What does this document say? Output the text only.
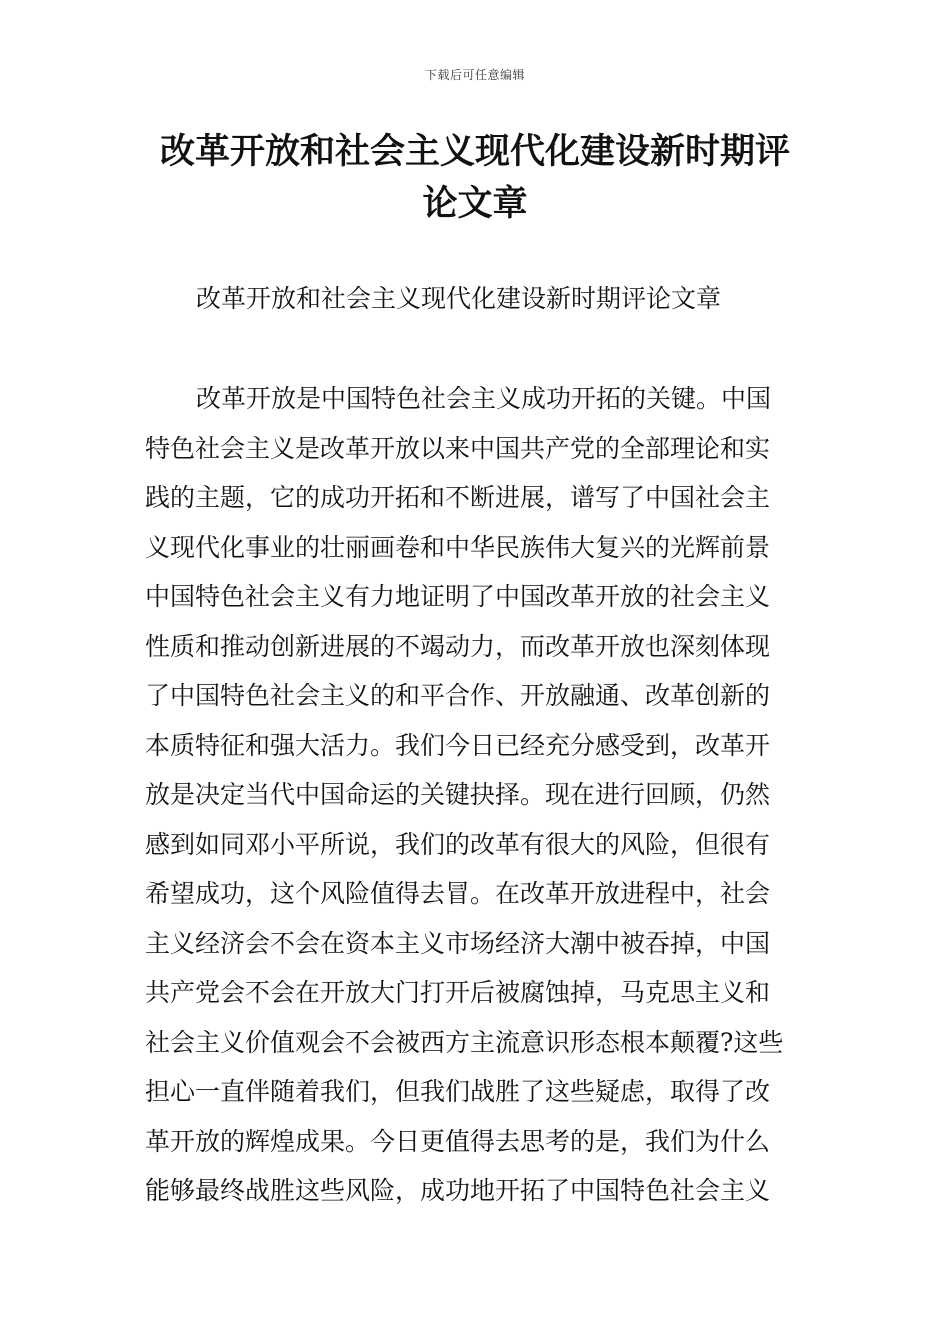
下载后可任意编辑
改革开放和社会主义现代化建设新时期评
论文章
改革开放和社会主义现代化建设新时期评论文章
改革开放是中国特色社会主义成功开拓的关键。中国
特色社会主义是改革开放以来中国共产党的全部理论和实
践的主题，它的成功开拓和不断进展，谱写了中国社会主
义现代化事业的壮丽画卷和中华民族伟大复兴的光辉前景
中国特色社会主义有力地证明了中国改革开放的社会主义
性质和推动创新进展的不竭动力，而改革开放也深刻体现
了中国特色社会主义的和平合作、开放融通、改革创新的
本质特征和强大活力。我们今日已经充分感受到，改革开
放是决定当代中国命运的关键抉择。现在进行回顾，仍然
感到如同邓小平所说，我们的改革有很大的风险，但很有
希望成功，这个风险值得去冒。在改革开放进程中，社会
主义经济会不会在资本主义市场经济大潮中被吞掉，中国
共产党会不会在开放大门打开后被腐蚀掉，马克思主义和
社会主义价值观会不会被西方主流意识形态根本颠覆?这些
担心一直伴随着我们，但我们战胜了这些疑虑，取得了改
革开放的辉煌成果。今日更值得去思考的是，我们为什么
能够最终战胜这些风险，成功地开拓了中国特色社会主义
